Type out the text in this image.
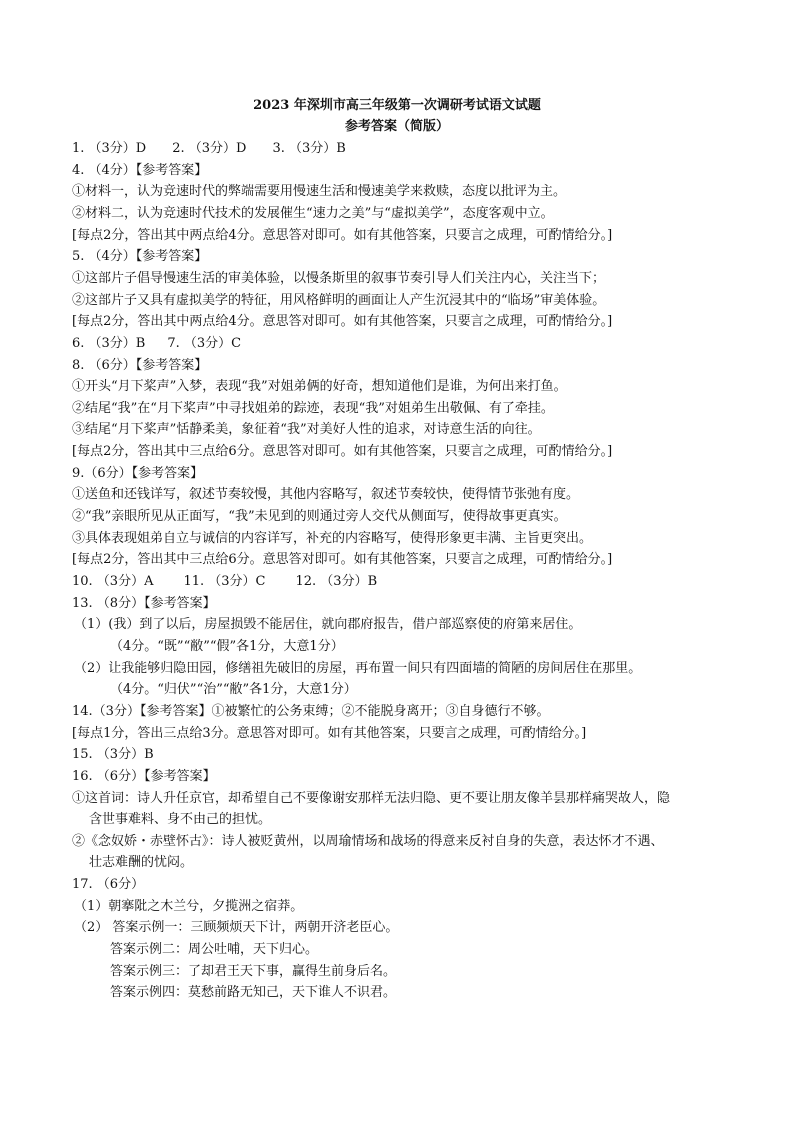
2023 年深圳市高三年级第一次调研考试语文试题
参考答案（简版）
1. （3分）D 2. （3分）D 3. （3分）B
4. （4分）【参考答案】
①材料一，认为竞速时代的弊端需要用慢速生活和慢速美学来救赎，态度以批评为主。
②材料二，认为竞速时代技术的发展催生“速力之美”与“虚拟美学”，态度客观中立。
[每点2分，答出其中两点给4分。意思答对即可。如有其他答案，只要言之成理，可酌情给分。]
5. （4分）【参考答案】
①这部片子倡导慢速生活的审美体验，以慢条斯里的叙事节奏引导人们关注内心，关注当下；
②这部片子又具有虚拟美学的特征，用风格鲜明的画面让人产生沉浸其中的“临场”审美体验。
[每点2分，答出其中两点给4分。意思答对即可。如有其他答案，只要言之成理，可酌情给分。]
6. （3分）B 7. （3分）C
8. （6分）【参考答案】
①开头“月下桨声”入梦，表现“我”对姐弟俩的好奇，想知道他们是谁，为何出来打鱼。
②结尾“我”在“月下桨声”中寻找姐弟的踪迹，表现“我”对姐弟生出敬佩、有了牵挂。
③结尾“月下桨声”恬静柔美，象征着“我”对美好人性的追求，对诗意生活的向往。
[每点2分，答出其中三点给6分。意思答对即可。如有其他答案，只要言之成理，可酌情给分。]
9.（6分）【参考答案】
①送鱼和还钱详写，叙述节奏较慢，其他内容略写，叙述节奏较快，使得情节张弛有度。
②“我”亲眼所见从正面写，“我”未见到的则通过旁人交代从侧面写，使得故事更真实。
③具体表现姐弟自立与诚信的内容详写，补充的内容略写，使得形象更丰满、主旨更突出。
[每点2分，答出其中三点给6分。意思答对即可。如有其他答案，只要言之成理，可酌情给分。]
10. （3分）A 11. （3分）C 12. （3分）B
13. （8分）【参考答案】
（1）(我）到了以后，房屋损毁不能居住，就向郡府报告，借户部巡察使的府第来居住。
（4分。“既”“敝”“假”各1分，大意1分）
（2）让我能够归隐田园，修缮祖先破旧的房屋，再布置一间只有四面墙的简陋的房间居住在那里。
（4分。“归伏”“治”“敝”各1分，大意1分）
14.（3分）【参考答案】①被繁忙的公务束缚；②不能脱身离开；③自身德行不够。
[每点1分，答出三点给3分。意思答对即可。如有其他答案，只要言之成理，可酌情给分。]
15. （3分）B
16. （6分）【参考答案】
①这首词：诗人升任京官，却希望自己不要像谢安那样无法归隐、更不要让朋友像羊昙那样痛哭故人，隐
含世事难料、身不由己的担忧。
②《念奴娇・赤壁怀古》：诗人被贬黄州，以周瑜情场和战场的得意来反衬自身的失意，表达怀才不遇、
壮志难酬的忧闷。
17. （6分）
（1）朝搴阰之木兰兮，夕揽洲之宿莽。
（2） 答案示例一：三顾频烦天下计，两朝开济老臣心。
答案示例二：周公吐哺，天下归心。
答案示例三：了却君王天下事，赢得生前身后名。
答案示例四：莫愁前路无知己，天下谁人不识君。
